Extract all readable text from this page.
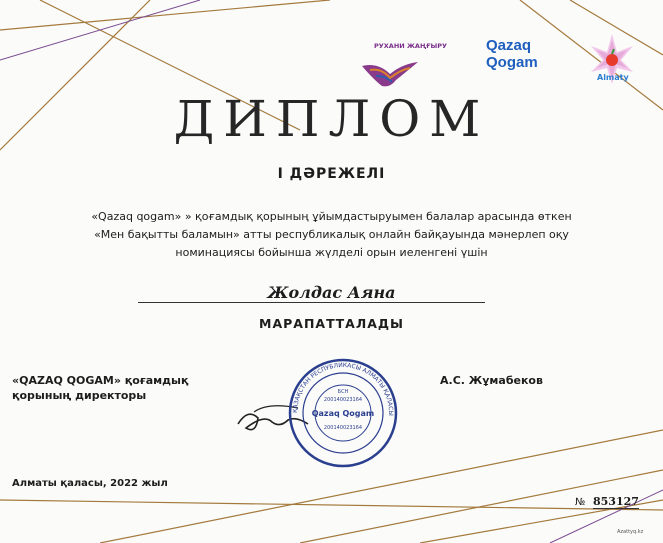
РУХАНИ ЖАҢҒЫРУ	Qazaq
Qogam
Almaty
ДИПЛОМ
I ДӘРЕЖЕЛІ
«Qazaq qogam» » қоғамдық қорының ұйымдастыруымен балалар арасында өткен «Мен бақытты баламын» атты республикалық онлайн байқауында мәнерлеп оқу номинациясы бойынша жүлделі орын иеленгені үшін
Жолдас Аяна
МАРАПАТТАЛАДЫ
«QAZAQ QOGAM» қоғамдық
қорының директоры
А.С. Жұмабеков
ҚАЗАҚСТАН РЕСПУБЛИКАСЫ АЛМАТЫ ҚАЛАСЫ
БСН
200140023164
Qazaq Qogam
200140023164
Алматы қаласы, 2022 жыл
№ 853127
Azattyq.kz
